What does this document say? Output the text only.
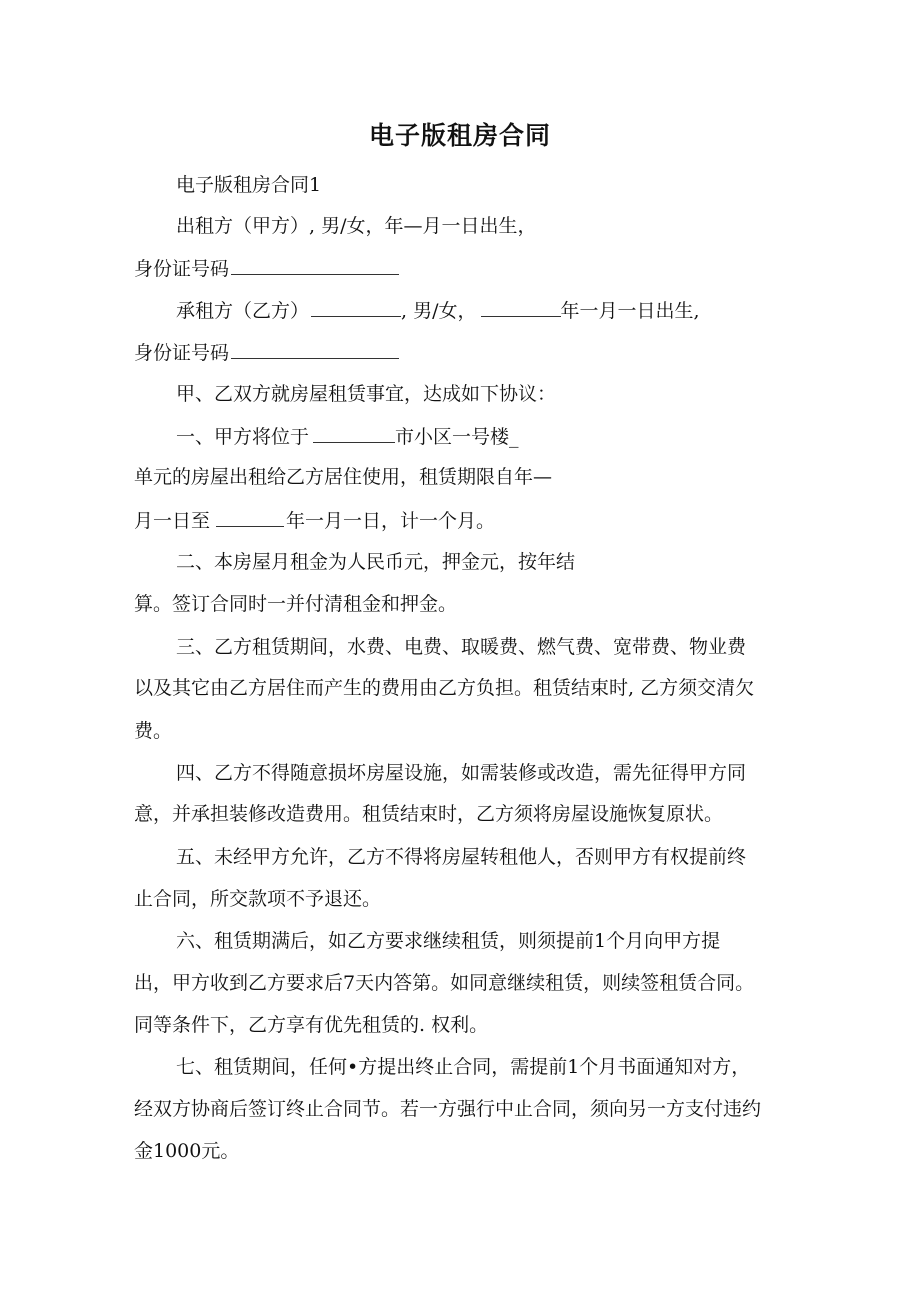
电子版租房合同

电子版租房合同1

出租方（甲方）, 男/女，年—月一日出生，

身份证号码

承租方（乙方）	, 男/女，	年一月一日出生,

身份证号码

甲、乙双方就房屋租赁事宜，达成如下协议：

一、甲方将位于	市小区一号楼_

单元的房屋出租给乙方居住使用，租赁期限自年—

月一日至	年一月一日，计一个月。

二、本房屋月租金为人民币元，押金元，按年结

算。签订合同时一并付清租金和押金。

三、乙方租赁期间，水费、电费、取暖费、燃气费、宽带费、物业费

以及其它由乙方居住而产生的费用由乙方负担。租赁结束时, 乙方须交清欠

费。

四、乙方不得随意损坏房屋设施，如需装修或改造，需先征得甲方同

意，并承担装修改造费用。租赁结束时，乙方须将房屋设施恢复原状。

五、未经甲方允许，乙方不得将房屋转租他人，否则甲方有权提前终

止合同，所交款项不予退还。

六、租赁期满后，如乙方要求继续租赁，则须提前1个月向甲方提

出，甲方收到乙方要求后7天内答第。如同意继续租赁，则续签租赁合同。

同等条件下，乙方享有优先租赁的. 权利。

七、租赁期间，任何•方提出终止合同，需提前1个月书面通知对方，

经双方协商后签订终止合同节。若一方强行中止合同，须向另一方支付违约

金1000元。
